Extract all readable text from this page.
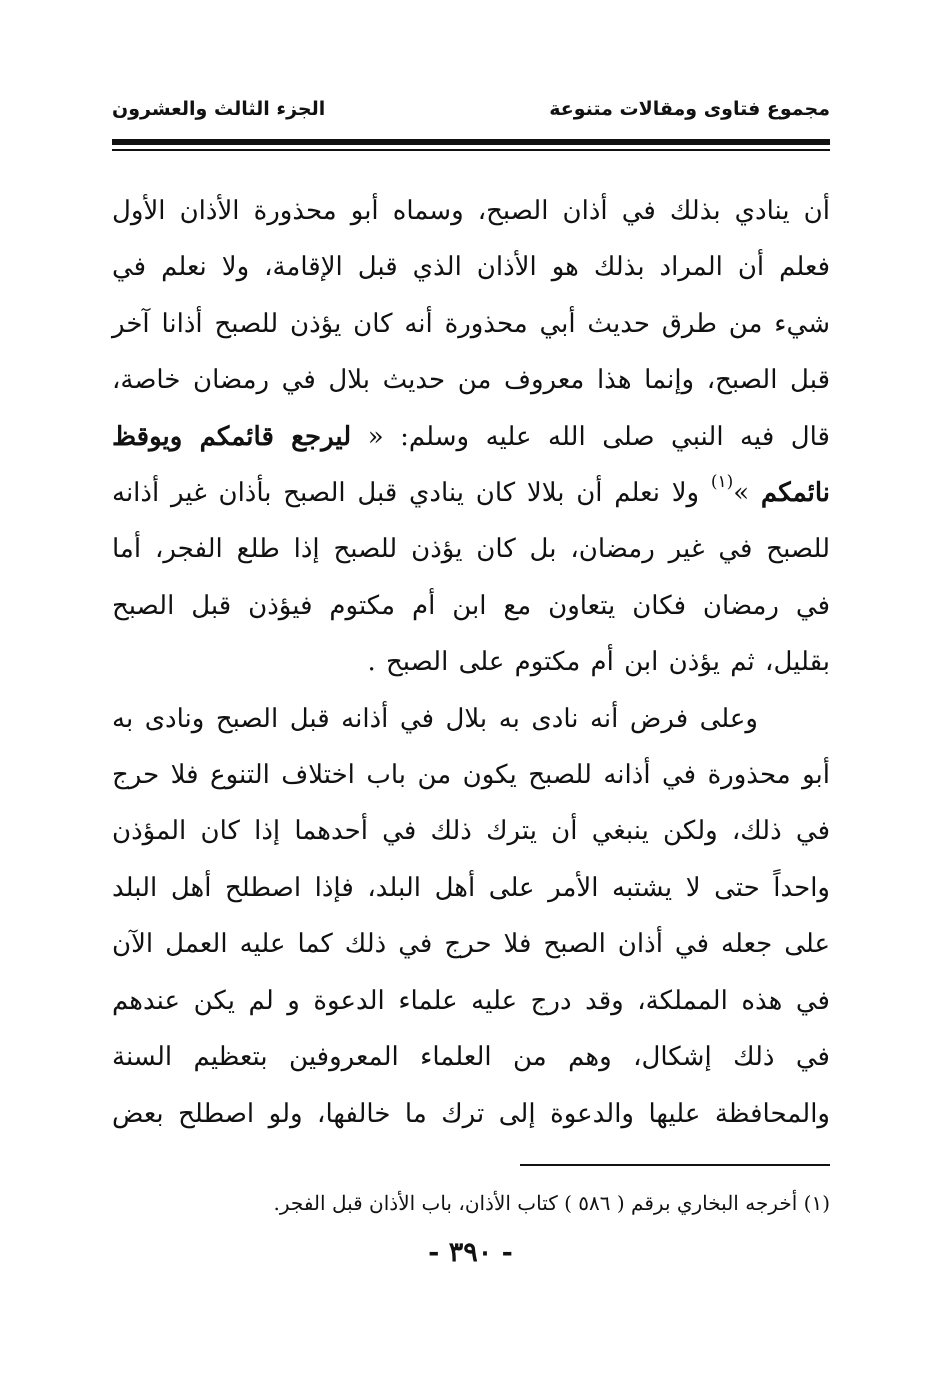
مجموع فتاوى ومقالات متنوعة
الجزء الثالث والعشرون

أن ينادي بذلك في أذان الصبح، وسماه أبو محذورة الأذان الأول فعلم أن المراد بذلك هو الأذان الذي قبل الإقامة، ولا نعلم في شيء من طرق حديث أبي محذورة أنه كان يؤذن للصبح أذانا آخر قبل الصبح، وإنما هذا معروف من حديث بلال في رمضان خاصة، قال فيه النبي صلى الله عليه وسلم: « ليرجع قائمكم ويوقظ نائمكم »$^{(١)}$ ولا نعلم أن بلالا كان ينادي قبل الصبح بأذان غير أذانه للصبح في غير رمضان، بل كان يؤذن للصبح إذا طلع الفجر، أما في رمضان فكان يتعاون مع ابن أم مكتوم فيؤذن قبل الصبح بقليل، ثم يؤذن ابن أم مكتوم على الصبح .

وعلى فرض أنه نادى به بلال في أذانه قبل الصبح ونادى به أبو محذورة في أذانه للصبح يكون من باب اختلاف التنوع فلا حرج في ذلك، ولكن ينبغي أن يترك ذلك في أحدهما إذا كان المؤذن واحداً حتى لا يشتبه الأمر على أهل البلد، فإذا اصطلح أهل البلد على جعله في أذان الصبح فلا حرج في ذلك كما عليه العمل الآن في هذه المملكة، وقد درج عليه علماء الدعوة و لم يكن عندهم في ذلك إشكال، وهم من العلماء المعروفين بتعظيم السنة والمحافظة عليها والدعوة إلى ترك ما خالفها، ولو اصطلح بعض

(١) أخرجه البخاري برقم ( ٥٨٦ ) كتاب الأذان، باب الأذان قبل الفجر.
- ٣٩٠ -
